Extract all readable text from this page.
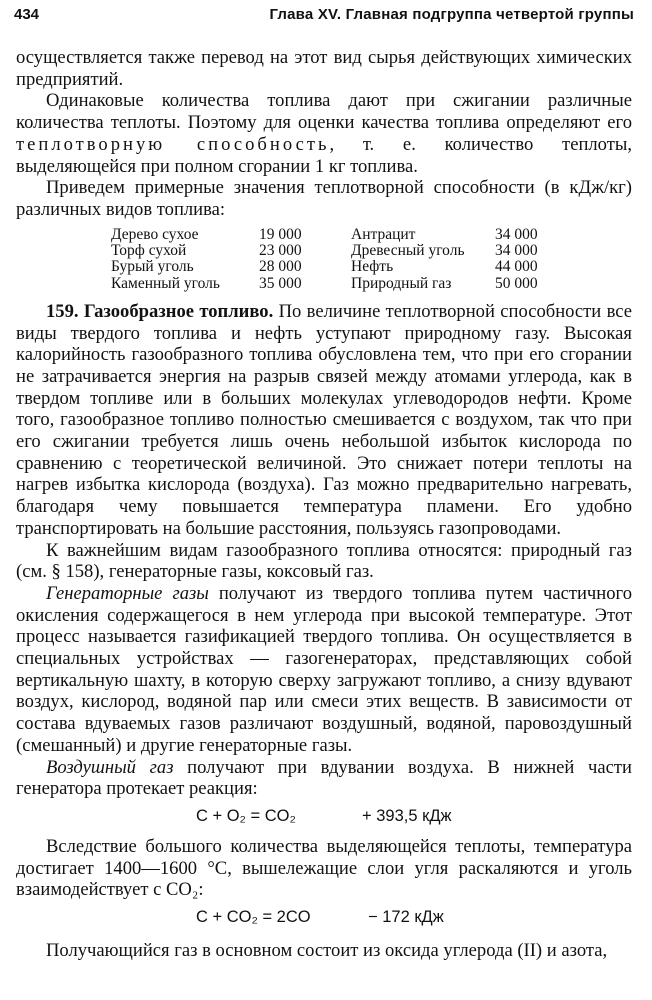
434	Глава XV. Главная подгруппа четвертой группы

осуществляется также перевод на этот вид сырья действующих химических предприятий.

Одинаковые количества топлива дают при сжигании различные количества теплоты. Поэтому для оценки качества топлива определяют его теплотворную способность, т. е. количество теплоты, выделяющейся при полном сгорании 1 кг топлива.

Приведем примерные значения теплотворной способности (в кДж/кг) различных видов топлива:

Дерево сухое	19 000	Антрацит	34 000
Торф сухой	23 000	Древесный уголь	34 000
Бурый уголь	28 000	Нефть	44 000
Каменный уголь	35 000	Природный газ	50 000

159. Газообразное топливо. По величине теплотворной способности все виды твердого топлива и нефть уступают природному газу. Высокая калорийность газообразного топлива обусловлена тем, что при его сгорании не затрачивается энергия на разрыв связей между атомами углерода, как в твердом топливе или в больших молекулах углеводородов нефти. Кроме того, газообразное топливо полностью смешивается с воздухом, так что при его сжигании требуется лишь очень небольшой избыток кислорода по сравнению с теоретической величиной. Это снижает потери теплоты на нагрев избытка кислорода (воздуха). Газ можно предварительно нагревать, благодаря чему повышается температура пламени. Его удобно транспортировать на большие расстояния, пользуясь газопроводами.

К важнейшим видам газообразного топлива относятся: природный газ (см. § 158), генераторные газы, коксовый газ.

Генераторные газы получают из твердого топлива путем частичного окисления содержащегося в нем углерода при высокой температуре. Этот процесс называется газификацией твердого топлива. Он осуществляется в специальных устройствах — газогенераторах, представляющих собой вертикальную шахту, в которую сверху загружают топливо, а снизу вдувают воздух, кислород, водяной пар или смеси этих веществ. В зависимости от состава вдуваемых газов различают воздушный, водяной, паровоздушный (смешанный) и другие генераторные газы.

Воздушный газ получают при вдувании воздуха. В нижней части генератора протекает реакция:

C + O₂ = CO₂	+ 393,5 кДж

Вследствие большого количества выделяющейся теплоты, температура достигает 1400—1600 °C, вышележащие слои угля раскаляются и уголь взаимодействует с CO₂:

C + CO₂ = 2CO	− 172 кДж

Получающийся газ в основном состоит из оксида углерода (II) и азота,
